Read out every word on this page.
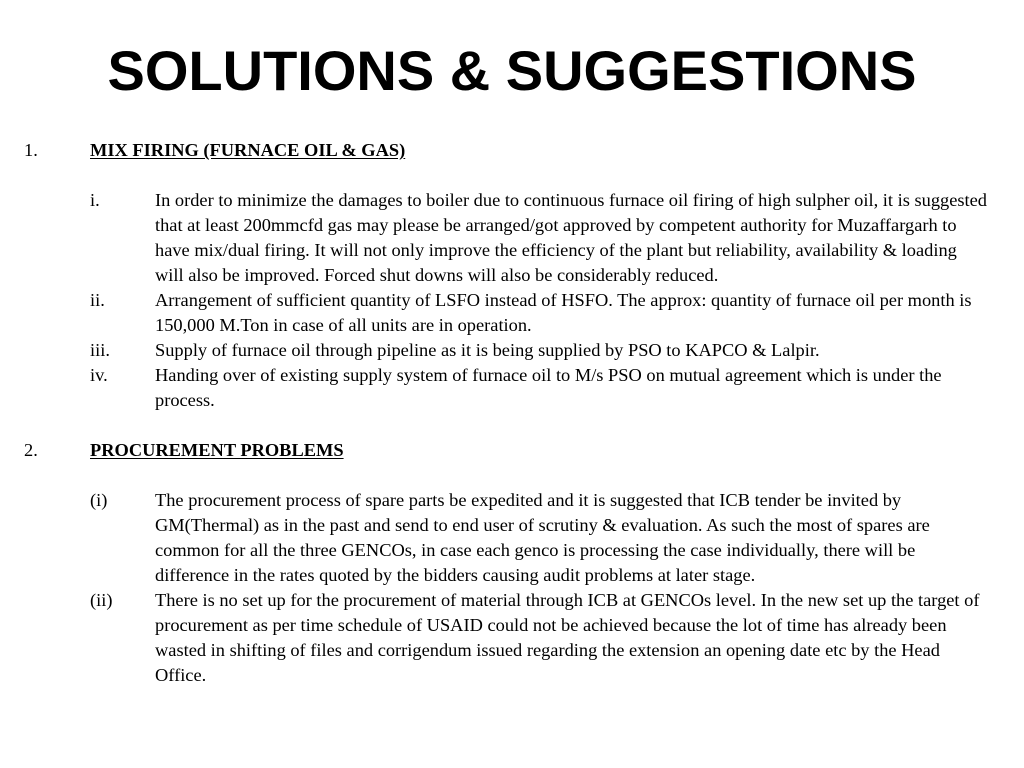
SOLUTIONS & SUGGESTIONS
1.	MIX FIRING (FURNACE OIL & GAS)
i.	In order to minimize the damages to boiler due to continuous furnace oil firing of high sulpher oil, it is suggested that at least 200mmcfd gas may please be arranged/got approved by competent authority for Muzaffargarh to have mix/dual firing. It will not only improve the efficiency of the plant but reliability, availability & loading will also be improved. Forced shut downs will also be considerably reduced.
ii.	Arrangement of sufficient quantity of LSFO instead of HSFO. The approx: quantity of furnace oil per month is 150,000 M.Ton in case of all units are in operation.
iii. Supply of furnace oil through pipeline as it is being supplied by PSO to KAPCO & Lalpir.
iv.	Handing over of existing supply system of furnace oil to M/s PSO on mutual agreement which is under the process.
2.	PROCUREMENT PROBLEMS
(i)	The procurement process of spare parts be expedited and it is suggested that ICB tender be invited by GM(Thermal) as in the past and send to end user of scrutiny & evaluation. As such the most of spares are common for all the three GENCOs, in case each genco is processing the case individually, there will be difference in the rates quoted by the bidders causing audit problems at later stage.
(ii) There is no set up for the procurement of material through ICB at GENCOs level. In the new set up the target of procurement as per time schedule of USAID could not be achieved because the lot of time has already been wasted in shifting of files and corrigendum issued regarding the extension an opening date etc by the Head Office.
